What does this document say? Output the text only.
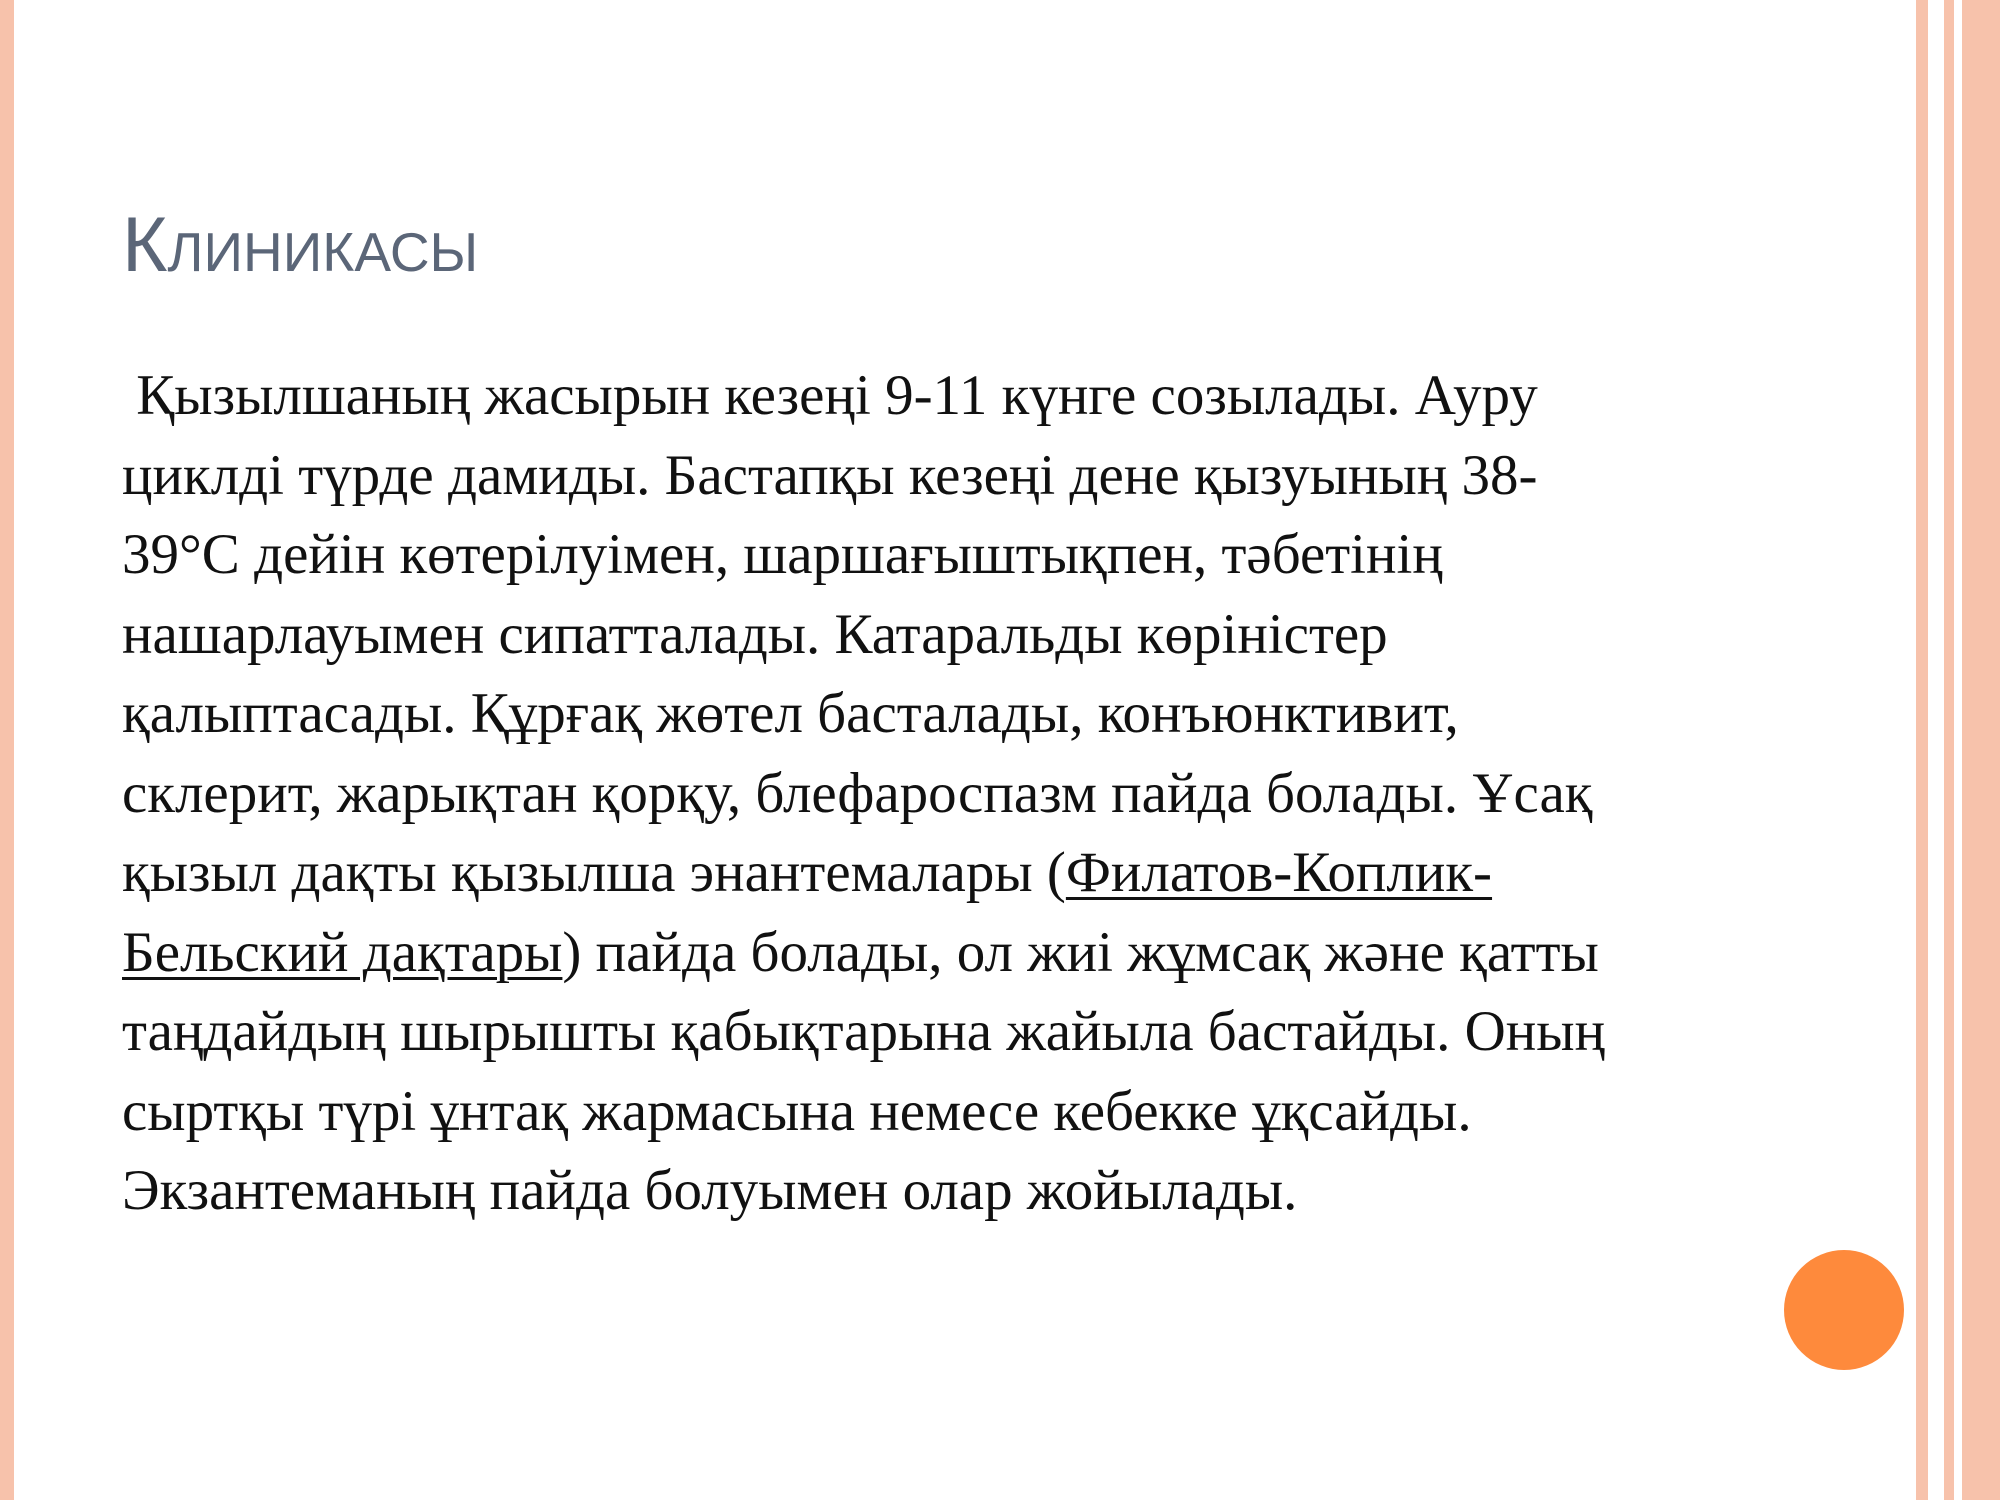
Клиникасы
Қызылшаның жасырын кезеңі 9-11 күнге созылады. Ауру
циклді түрде дамиды. Бастапқы кезеңі дене қызуының 38-
39°С дейін көтерілуімен, шаршағыштықпен, тәбетінің
нашарлауымен сипатталады. Катаральды көріністер
қалыптасады. Құрғақ жөтел басталады, конъюнктивит,
склерит, жарықтан қорқу, блефароспазм пайда болады. Ұсақ
қызыл дақты қызылша энантемалары (Филатов-Коплик-
Бельский дақтары) пайда болады, ол жиі жұмсақ және қатты
таңдайдың шырышты қабықтарына жайыла бастайды. Оның
сыртқы түрі ұнтақ жармасына немесе кебекке ұқсайды.
Экзантеманың пайда болуымен олар жойылады.
